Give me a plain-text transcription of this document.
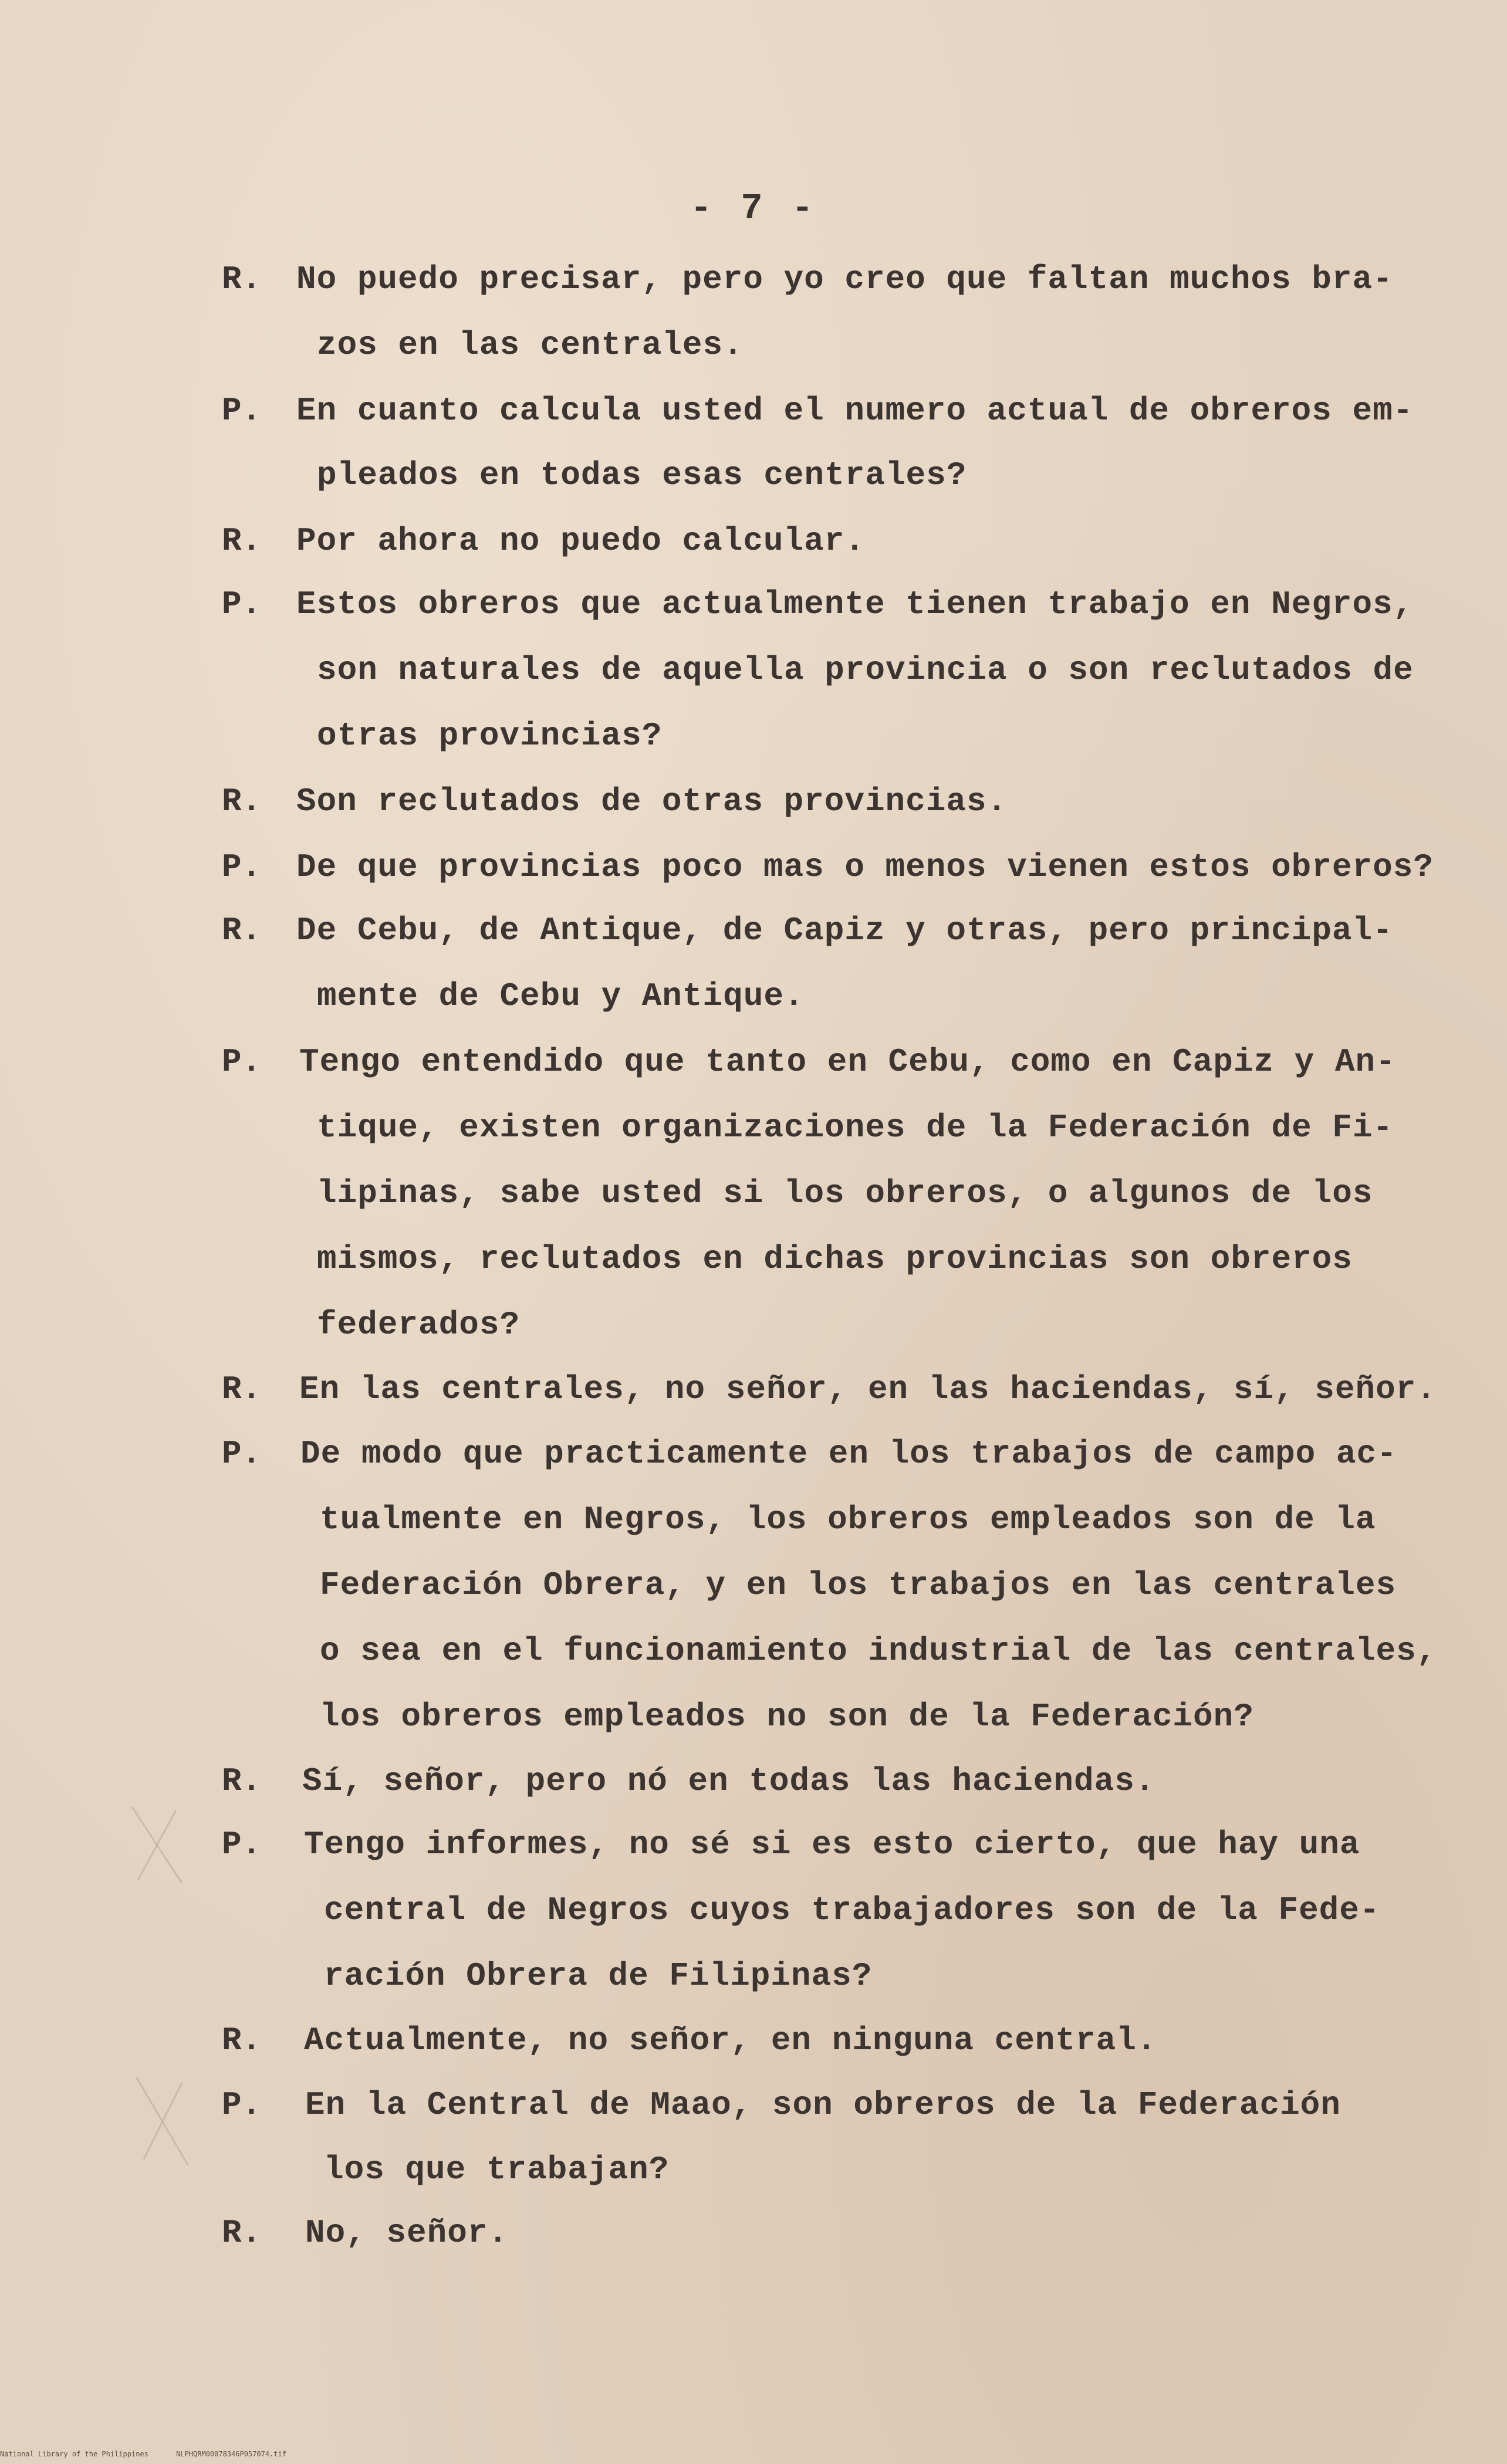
- 7 -
R. No puedo precisar, pero yo creo que faltan muchos bra-
zos en las centrales.
P. En cuanto calcula usted el numero actual de obreros em-
pleados en todas esas centrales?
R. Por ahora no puedo calcular.
P. Estos obreros que actualmente tienen trabajo en Negros,
son naturales de aquella provincia o son reclutados de
otras provincias?
R. Son reclutados de otras provincias.
P. De que provincias poco mas o menos vienen estos obreros?
R. De Cebu, de Antique, de Capiz y otras, pero principal-
mente de Cebu y Antique.
P. Tengo entendido que tanto en Cebu, como en Capiz y An-
tique, existen organizaciones de la Federación de Fi-
lipinas, sabe usted si los obreros, o algunos de los
mismos, reclutados en dichas provincias son obreros
federados?
R. En las centrales, no señor, en las haciendas, sí, señor.
P. De modo que practicamente en los trabajos de campo ac-
tualmente en Negros, los obreros empleados son de la
Federación Obrera, y en los trabajos en las centrales
o sea en el funcionamiento industrial de las centrales,
los obreros empleados no son de la Federación?
R. Sí, señor, pero nó en todas las haciendas.
P. Tengo informes, no sé si es esto cierto, que hay una
central de Negros cuyos trabajadores son de la Fede-
ración Obrera de Filipinas?
R. Actualmente, no señor, en ninguna central.
P. En la Central de Maao, son obreros de la Federación
los que trabajan?
R. No, señor.
National Library of the Philippines	NLPHQRM00078346P057074.tif
